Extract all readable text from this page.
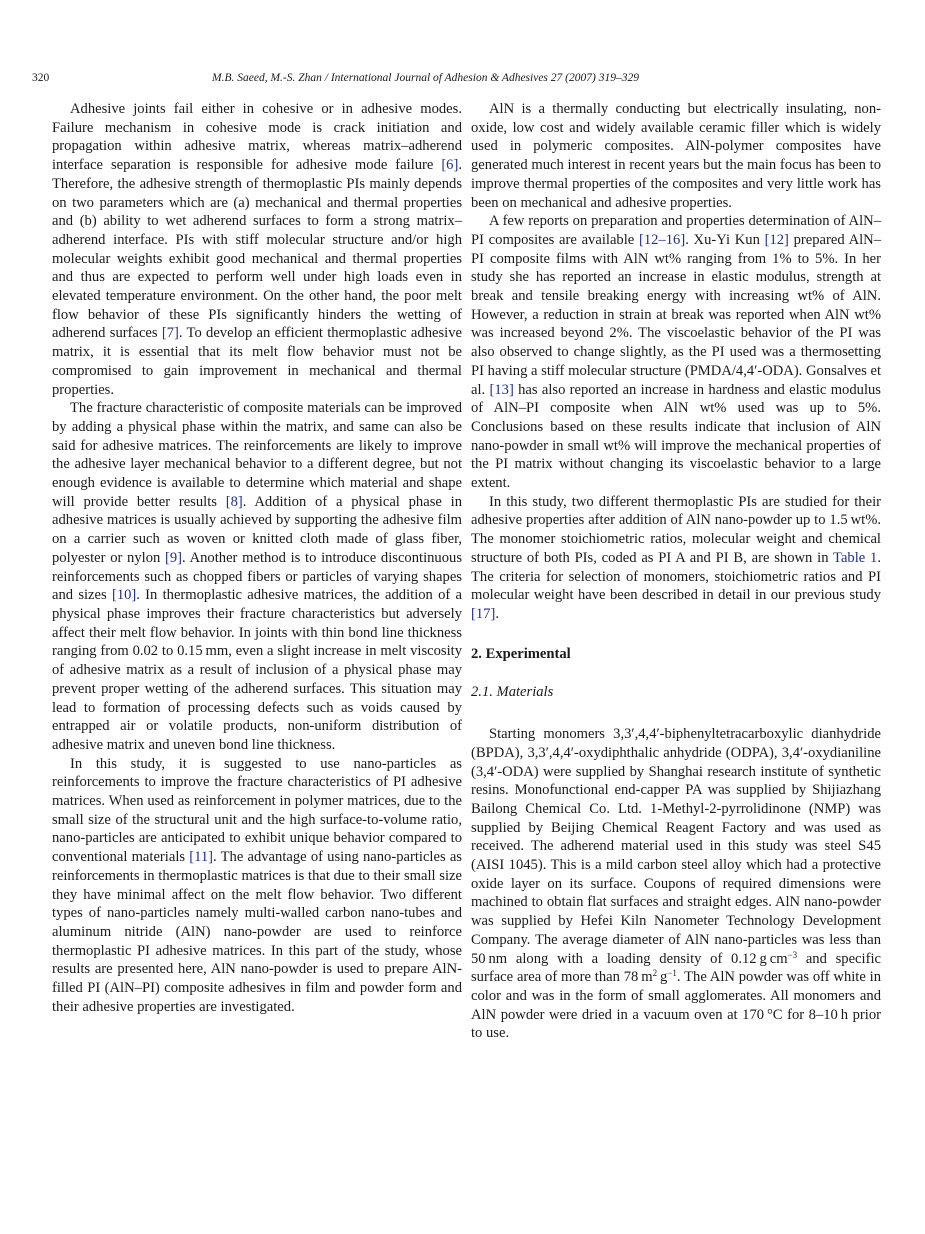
320	M.B. Saeed, M.-S. Zhan / International Journal of Adhesion & Adhesives 27 (2007) 319–329

Adhesive joints fail either in cohesive or in adhesive modes. Failure mechanism in cohesive mode is crack initiation and propagation within adhesive matrix, whereas matrix–adherend interface separation is responsible for adhesive mode failure [6]. Therefore, the adhesive strength of thermoplastic PIs mainly depends on two parameters which are (a) mechanical and thermal properties and (b) ability to wet adherend surfaces to form a strong matrix–adherend interface. PIs with stiff molecular structure and/or high molecular weights exhibit good mechanical and thermal properties and thus are expected to perform well under high loads even in elevated temperature environment. On the other hand, the poor melt flow behavior of these PIs significantly hinders the wetting of adherend surfaces [7]. To develop an efficient thermoplastic adhesive matrix, it is essential that its melt flow behavior must not be compromised to gain improvement in mechanical and thermal properties.

The fracture characteristic of composite materials can be improved by adding a physical phase within the matrix, and same can also be said for adhesive matrices. The reinforcements are likely to improve the adhesive layer mechanical behavior to a different degree, but not enough evidence is available to determine which material and shape will provide better results [8]. Addition of a physical phase in adhesive matrices is usually achieved by supporting the adhesive film on a carrier such as woven or knitted cloth made of glass fiber, polyester or nylon [9]. Another method is to introduce discontinuous reinforcements such as chopped fibers or particles of varying shapes and sizes [10]. In thermoplastic adhesive matrices, the addition of a physical phase improves their fracture characteristics but adversely affect their melt flow behavior. In joints with thin bond line thickness ranging from 0.02 to 0.15 mm, even a slight increase in melt viscosity of adhesive matrix as a result of inclusion of a physical phase may prevent proper wetting of the adherend surfaces. This situation may lead to formation of processing defects such as voids caused by entrapped air or volatile products, non-uniform distribution of adhesive matrix and uneven bond line thickness.

In this study, it is suggested to use nano-particles as reinforcements to improve the fracture characteristics of PI adhesive matrices. When used as reinforcement in polymer matrices, due to the small size of the structural unit and the high surface-to-volume ratio, nano-particles are anticipated to exhibit unique behavior compared to conventional materials [11]. The advantage of using nano-particles as reinforcements in thermoplastic matrices is that due to their small size they have minimal affect on the melt flow behavior. Two different types of nano-particles namely multi-walled carbon nano-tubes and aluminum nitride (AlN) nano-powder are used to reinforce thermoplastic PI adhesive matrices. In this part of the study, whose results are presented here, AlN nano-powder is used to prepare AlN-filled PI (AlN–PI) composite adhesives in film and powder form and their adhesive properties are investigated.

AlN is a thermally conducting but electrically insulating, non-oxide, low cost and widely available ceramic filler which is widely used in polymeric composites. AlN-polymer composites have generated much interest in recent years but the main focus has been to improve thermal properties of the composites and very little work has been on mechanical and adhesive properties.

A few reports on preparation and properties determination of AlN–PI composites are available [12–16]. Xu-Yi Kun [12] prepared AlN–PI composite films with AlN wt% ranging from 1% to 5%. In her study she has reported an increase in elastic modulus, strength at break and tensile breaking energy with increasing wt% of AlN. However, a reduction in strain at break was reported when AlN wt% was increased beyond 2%. The viscoelastic behavior of the PI was also observed to change slightly, as the PI used was a thermosetting PI having a stiff molecular structure (PMDA/4,4′-ODA). Gonsalves et al. [13] has also reported an increase in hardness and elastic modulus of AlN–PI composite when AlN wt% used was up to 5%. Conclusions based on these results indicate that inclusion of AlN nano-powder in small wt% will improve the mechanical properties of the PI matrix without changing its viscoelastic behavior to a large extent.

In this study, two different thermoplastic PIs are studied for their adhesive properties after addition of AlN nano-powder up to 1.5 wt%. The monomer stoichiometric ratios, molecular weight and chemical structure of both PIs, coded as PI A and PI B, are shown in Table 1. The criteria for selection of monomers, stoichiometric ratios and PI molecular weight have been described in detail in our previous study [17].

2. Experimental
2.1. Materials

Starting monomers 3,3′,4,4′-biphenyltetracarboxylic dianhydride (BPDA), 3,3′,4,4′-oxydiphthalic anhydride (ODPA), 3,4′-oxydianiline (3,4′-ODA) were supplied by Shanghai research institute of synthetic resins. Monofunctional end-capper PA was supplied by Shijiazhang Bailong Chemical Co. Ltd. 1-Methyl-2-pyrrolidinone (NMP) was supplied by Beijing Chemical Reagent Factory and was used as received. The adherend material used in this study was steel S45 (AISI 1045). This is a mild carbon steel alloy which had a protective oxide layer on its surface. Coupons of required dimensions were machined to obtain flat surfaces and straight edges. AlN nano-powder was supplied by Hefei Kiln Nanometer Technology Development Company. The average diameter of AlN nano-particles was less than 50 nm along with a loading density of 0.12 g $cm^{-3}$ and specific surface area of more than 78 $m^2$ $g^{-1}$. The AlN powder was off white in color and was in the form of small agglomerates. All monomers and AlN powder were dried in a vacuum oven at 170 °C for 8–10 h prior to use.
